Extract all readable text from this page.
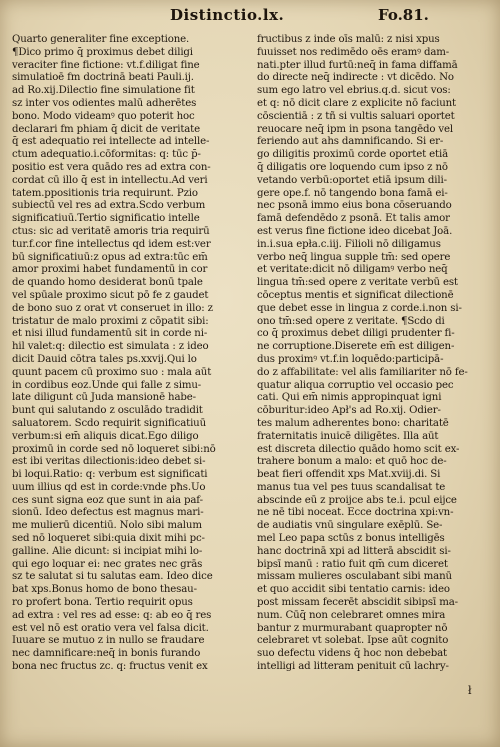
Distinctio.lx.	Fo.81.
Quarto generaliter fine exceptione.
¶Dico primo q̄ proximus debet diligi
veraciter fine fictione: vt.f.diligat fine
simulatioē fm doctrinā beati Pauli.ij.
ad Ro.xij.Dilectio fine simulatione fit
sz inter vos odientes malū adherētes
bono. Modo videamꝰ quo poterit hoc
declarari fm phiam q̄ dicit de veritate
q̄ est adequatio rei intellecte ad intelle-
ctum adequatio.i.cōformitas: q: tūc p̄-
positio est vera quādo res ad extra con-
cordat cū illo q̄ est in intellectu.Ad veri
tatem.ppositionis tria requirunt. Pzio
subiectū vel res ad extra.Scdo verbum
significatiuū.Tertio significatio intelle
ctus: sic ad veritatē amoris tria requirū
tur.f.cor fine intellectus qd idem est:ver
bū significatiuū:z opus ad extra:tūc em̄
amor proximi habet fundamentū in cor
de quando homo desiderat bonū tpale
vel spūale proximo sicut pō fe z gaudet
de bono suo z orat vt conseruet in illo: z
tristatur de malo proximi z cōpatit sibi:
et nisi illud fundamentū sit in corde ni-
hil valet:q: dilectio est simulata : z ideo
dicit Dauid cōtra tales ps.xxvij.Qui lo
quunt pacem cū proximo suo : mala aūt
in cordibus eoz.Unde qui falle z simu-
late diligunt cū Juda mansionē habe-
bunt qui salutando z osculādo tradidit
saluatorem. Scdo requirit significatiuū
verbum:si em̄ aliquis dicat.Ego diligo
proximū in corde sed nō loqueret sibi:nō
est ibi veritas dilectionis:ideo debet si-
bi loqui.Ratio: q: verbum est significati
uum illius qd est in corde:vnde pħs.Uo
ces sunt signa eoz que sunt in aia paf-
sionū. Ideo defectus est magnus mari-
me mulierū dicentiū. Nolo sibi malum
sed nō loqueret sibi:quia dixit mihi pc-
galline. Alie dicunt: si incipiat mihi lo-
qui ego loquar ei: nec grates nec grās
sz te salutat si tu salutas eam. Ideo dice
bat xps.Bonus homo de bono thesau-
ro profert bona. Tertio requirit opus
ad extra : vel res ad esse: q: ab eo q̄ res
est vel nō est oratio vera vel falsa dicit.
Iuuare se mutuo z in nullo se fraudare
nec damnificare:neq̄ in bonis furando
bona nec fructus zc. q: fructus venit ex
fructibus z inde oīs malū: z nisi xpus
fuuisset nos redimēdo oēs eramꝰ dam-
nati.pter illud furtū:neq̄ in fama diffamā
do directe neq̄ indirecte : vt dicēdo. No
sum ego latro vel ebrius.q.d. sicut vos:
et q: nō dicit clare z explicite nō faciunt
cōscientiā : z tñ si vultis saluari oportet
reuocare neq̄ ipm in psona tangēdo vel
feriendo aut ahs damnificando. Si er-
go diligitis proximū corde oportet etiā
q̄ diligatis ore loquendo cum ipso z nō
vetando verbū:oportet etiā ipsum dili-
gere ope.f. nō tangendo bona famā ei-
nec psonā immo eius bona cōseruando
famā defendēdo z psonā. Et talis amor
est verus fine fictione ideo dicebat Joā.
in.i.sua epła.c.iij. Filioli nō diligamus
verbo neq̄ lingua supple tm̄: sed opere
et veritate:dicit nō diligamꝰ verbo neq̄
lingua tm̄:sed opere z veritate verbū est
cōceptus mentis et significat dilectionē
que debet esse in lingua z corde.i.non si-
ono tm̄:sed opere z veritate. ¶Scdo di
co q̄ proximus debet diligi prudenter fi-
ne corruptione.Diserete em̄ est diligen-
dus proximꝰ vt.f.in loquēdo:participā-
do z affabilitate: vel alis familiariter nō fe-
quatur aliqua corruptio vel occasio pec
cati. Qui em̄ nimis appropinquat igni
cōburitur:ideo Apł's ad Ro.xij. Odier-
tes malum adherentes bono: charitatē
fraternitatis inuicē diligētes. Illa aūt
est discreta dilectio quādo homo scit ex-
trahere bonum a malo: et quō hoc de-
beat fieri offendit xps Mat.xviij.di. Si
manus tua vel pes tuus scandalisat te
abscinde eū z proijce abs te.i. pcul eijce
ne nē tibi noceat. Ecce doctrina xpi:vn-
de audiatis vnū singulare exēplū. Se-
mel Leo papa sctūs z bonus intelligēs
hanc doctrinā xpi ad litterā abscidit si-
bipsī manū : ratio fuit qm̄ cum diceret
missam mulieres osculabant sibi manū
et quo accidit sibi tentatio carnis: ideo
post missam fecerēt abscidit sibipsī ma-
num. Cūq̄ non celebraret omnes mira
bantur z murmurabant quapropter nō
celebraret vt solebat. Ipse aūt cognito
suo defectu videns q̄ hoc non debebat
intelligi ad litteram penituit cū lachry-
ł
